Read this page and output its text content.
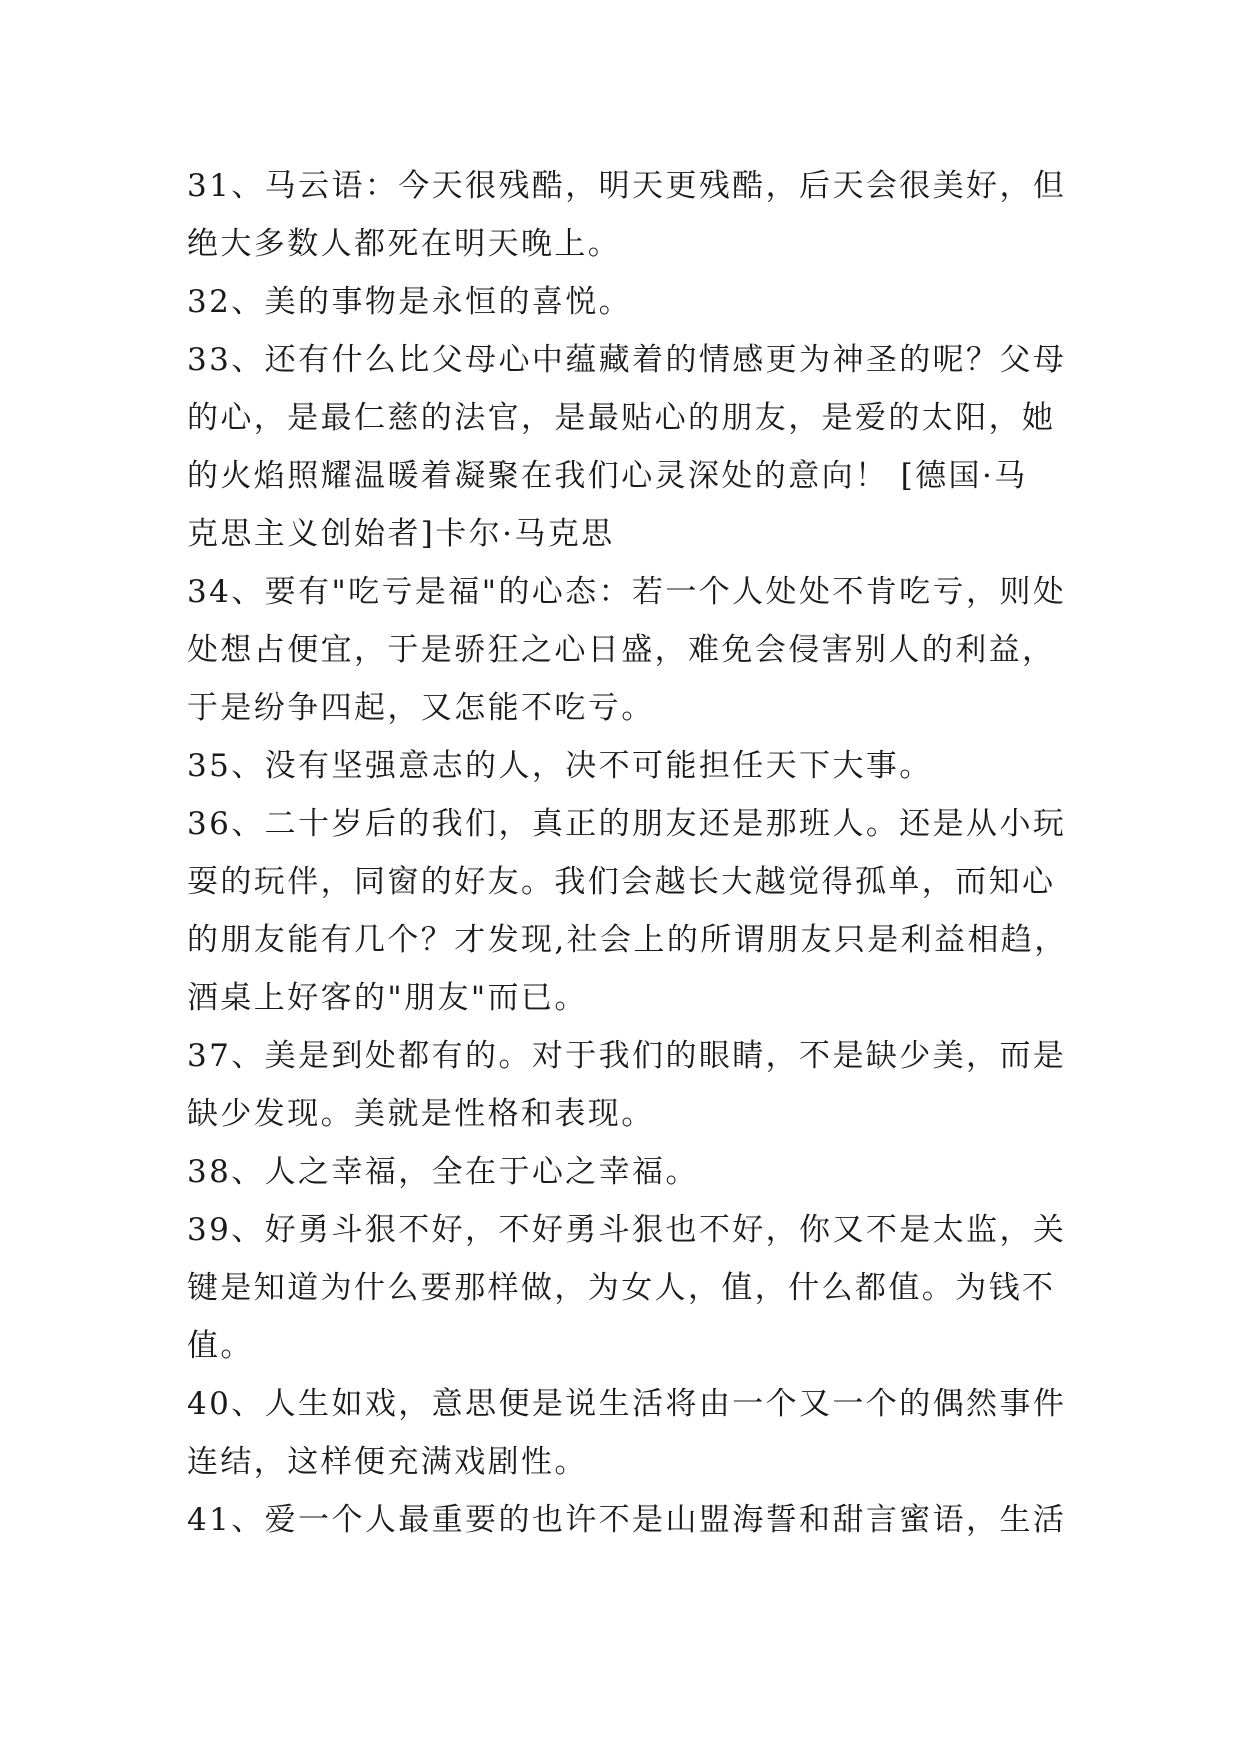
31、马云语：今天很残酷，明天更残酷，后天会很美好，但
绝大多数人都死在明天晚上。
32、美的事物是永恒的喜悦。
33、还有什么比父母心中蕴藏着的情感更为神圣的呢？父母
的心，是最仁慈的法官，是最贴心的朋友，是爱的太阳，她
的火焰照耀温暖着凝聚在我们心灵深处的意向！ [德国·马
克思主义创始者]卡尔·马克思
34、要有"吃亏是福"的心态：若一个人处处不肯吃亏，则处
处想占便宜，于是骄狂之心日盛，难免会侵害别人的利益，
于是纷争四起，又怎能不吃亏。
35、没有坚强意志的人，决不可能担任天下大事。
36、二十岁后的我们，真正的朋友还是那班人。还是从小玩
耍的玩伴，同窗的好友。我们会越长大越觉得孤单，而知心
的朋友能有几个？才发现,社会上的所谓朋友只是利益相趋，
酒桌上好客的"朋友"而已。
37、美是到处都有的。对于我们的眼睛，不是缺少美，而是
缺少发现。美就是性格和表现。
38、人之幸福，全在于心之幸福。
39、好勇斗狠不好，不好勇斗狠也不好，你又不是太监，关
键是知道为什么要那样做，为女人，值，什么都值。为钱不
值。
40、人生如戏，意思便是说生活将由一个又一个的偶然事件
连结，这样便充满戏剧性。
41、爱一个人最重要的也许不是山盟海誓和甜言蜜语，生活
